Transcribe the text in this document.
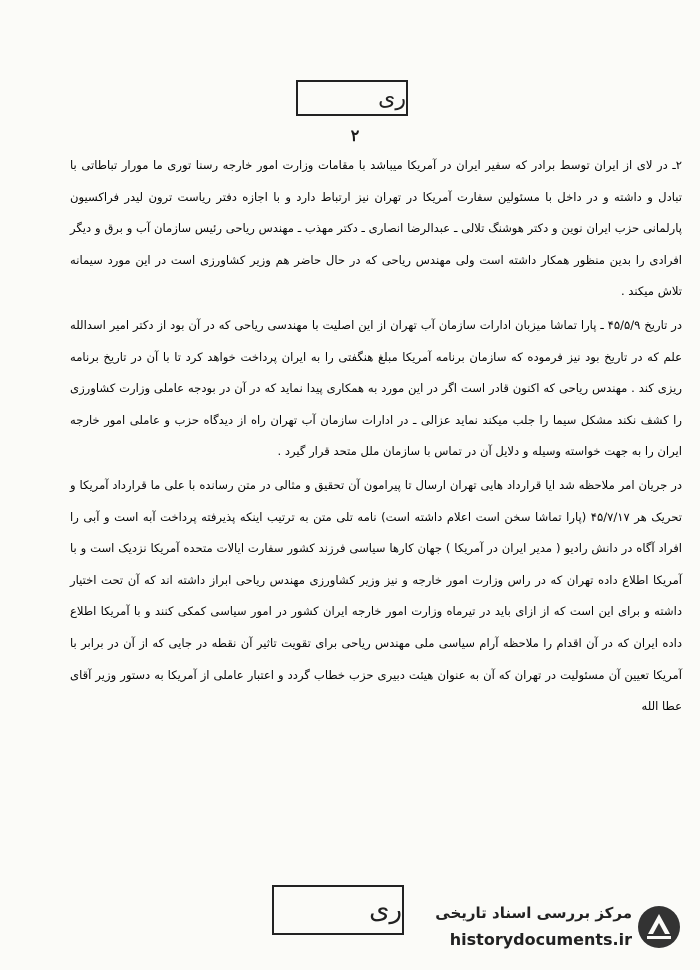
ری
۲

۲ـ در لای از ایران توسط برادر که سفیر ایران در آمریکا میباشد با مقامات وزارت امور خارجه رسنا توری ما مورار تباطاتی با تبادل و داشته و در داخل با مسئولین سفارت آمریکا در تهران نیز ارتباط دارد و با اجازه دفتر ریاست ترون لیدر فراکسیون پارلمانی حزب ایران نوین و دکتر هوشنگ تلالی ـ عبدالرضا انصاری ـ دکتر مهذب ـ مهندس ریاحی رئیس سازمان آب و برق و دیگر افرادی را بدین منظور همکار داشته است ولی مهندس ریاحی که در حال حاضر هم وزیر کشاورزی است در این مورد سیمانه تلاش میکند .

در تاریخ ۴۵/۵/۹ ـ پارا تماشا میزبان ادارات سازمان آب تهران از این اصلیت با مهندسی ریاحی که در آن بود از دکتر امیر اسدالله علم که در تاریخ بود نیز فرموده که سازمان برنامه آمریکا مبلغ هنگفتی را به ایران پرداخت خواهد کرد تا با آن در تاریخ برنامه ریزی کند . مهندس ریاحی که اکنون قادر است اگر در این مورد به همکاری پیدا نماید که در آن در بودجه عاملی وزارت کشاورزی را کشف نکند مشکل سیما را جلب میکند نماید عزالی ـ در ادارات سازمان آب تهران راه از دیدگاه حزب و عاملی امور خارجه ایران را به جهت خواسته وسیله و دلایل آن در تماس با سازمان ملل متحد قرار گیرد .

در جریان امر ملاحظه شد ایا قرارداد هایی تهران ارسال تا پیرامون آن تحقیق و مثالی در متن رسانده با علی ما قرارداد آمریکا و تحریک هر ۴۵/۷/۱۷ (پارا تماشا سخن است اعلام داشته است) نامه تلی متن به ترتیب اینکه پذیرفته پرداخت آبه است و آبی را افراد آگاه در دانش رادیو ( مدیر ایران در آمریکا ) جهان کارها سیاسی فرزند کشور سفارت ایالات متحده آمریکا نزدیک است و با آمریکا اطلاع داده تهران که در راس وزارت امور خارجه و نیز وزیر کشاورزی مهندس ریاحی ابراز داشته اند که آن تحت اختیار داشته و برای این است که از ازای باید در تیرماه وزارت امور خارجه ایران کشور در امور سیاسی کمکی کنند و با آمریکا اطلاع داده ایران که در آن اقدام را ملاحظه آرام سیاسی ملی مهندس ریاحی برای تقویت تاثیر آن نقطه در جایی که از آن در برابر با آمریکا تعیین آن مسئولیت در تهران که آن به عنوان هیئت دبیری حزب خطاب گردد و اعتبار عاملی از آمریکا به دستور وزیر آقای عطا الله

ری مرکز بررسی اسناد تاریخی
historydocuments.ir
